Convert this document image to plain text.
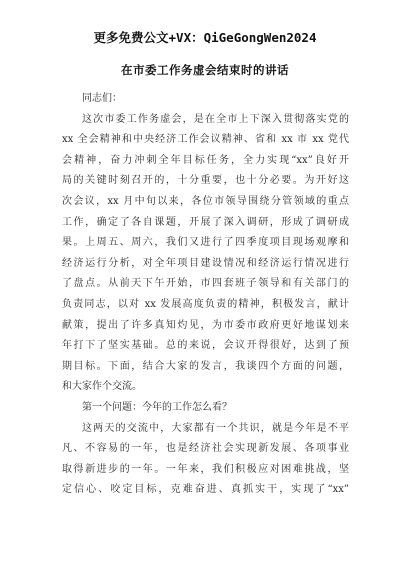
更多免费公文+VX：QiGeGongWen2024
在市委工作务虚会结束时的讲话
同志们：

这次市委工作务虚会，是在全市上下深入贯彻落实党的
xx 全会精神和中央经济工作会议精神、省和 xx 市 xx 党代
会精神，奋力冲刺全年目标任务，全力实现“xx”良好开
局的关键时刻召开的，十分重要，也十分必要。为开好这
次会议，xx 月中旬以来，各位市领导围绕分管领域的重点
工作，确定了各自课题，开展了深入调研，形成了调研成
果。上周五、周六，我们又进行了四季度项目现场观摩和
经济运行分析，对全年项目建设情况和经济运行情况进行
了盘点。从前天下午开始，市四套班子领导和有关部门的
负责同志，以对 xx 发展高度负责的精神，积极发言，献计
献策，提出了许多真知灼见，为市委市政府更好地谋划来
年打下了坚实基础。总的来说，会议开得很好，达到了预
期目标。下面，结合大家的发言，我谈四个方面的问题，
和大家作个交流。

第一个问题：今年的工作怎么看？

这两天的交流中，大家都有一个共识，就是今年是不平
凡、不容易的一年，也是经济社会实现新发展、各项事业
取得新进步的一年。一年来，我们积极应对困难挑战，坚
定信心、咬定目标，克难奋进、真抓实干，实现了“xx”
